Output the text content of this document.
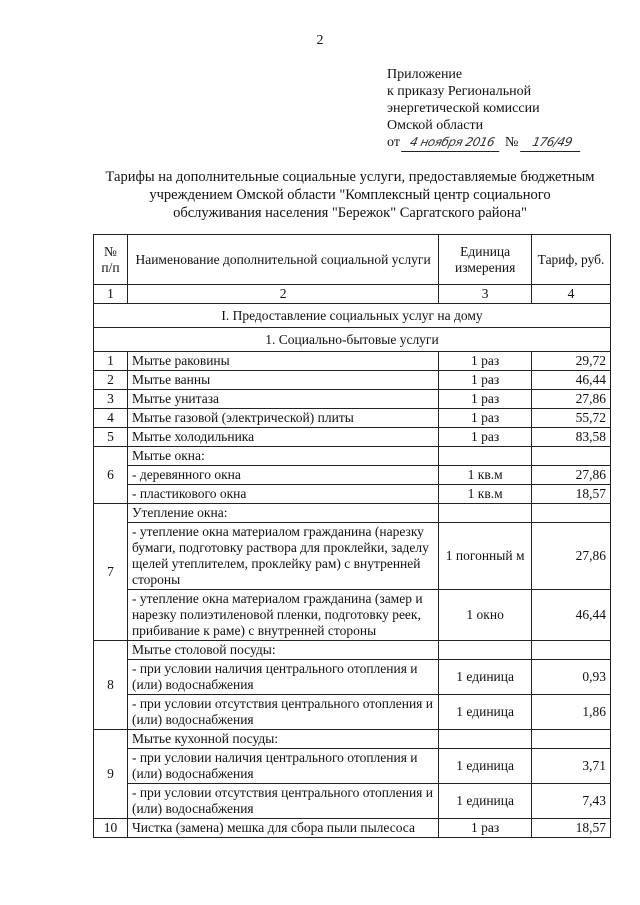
2
Приложение
к приказу Региональной
энергетической комиссии
Омской области
от 4 ноября 2016 № 176/49
Тарифы на дополнительные социальные услуги, предоставляемые бюджетным
учреждением Омской области "Комплексный центр социального
обслуживания населения "Бережок" Саргатского района"
№ п/п	Наименование дополнительной социальной услуги	Единица измерения	Тариф, руб.
1	2	3	4
I. Предоставление социальных услуг на дому			
1. Социально-бытовые услуги			
1	Мытье раковины	1 раз	29,72
2	Мытье ванны	1 раз	46,44
3	Мытье унитаза	1 раз	27,86
4	Мытье газовой (электрической) плиты	1 раз	55,72
5	Мытье холодильника	1 раз	83,58
6	Мытье окна:		
	- деревянного окна	1 кв.м	27,86
	- пластикового окна	1 кв.м	18,57
7	Утепление окна:		
	- утепление окна материалом гражданина (нарезку бумаги, подготовку раствора для проклейки, заделу щелей утеплителем, проклейку рам) с внутренней стороны	1 погонный м	27,86
	- утепление окна материалом гражданина (замер и нарезку полиэтиленовой пленки, подготовку реек, прибивание к раме) с внутренней стороны	1 окно	46,44
8	Мытье столовой посуды:		
	- при условии наличия центрального отопления и (или) водоснабжения	1 единица	0,93
	- при условии отсутствия центрального отопления и (или) водоснабжения	1 единица	1,86
9	Мытье кухонной посуды:		
	- при условии наличия центрального отопления и (или) водоснабжения	1 единица	3,71
	- при условии отсутствия центрального отопления и (или) водоснабжения	1 единица	7,43
10	Чистка (замена) мешка для сбора пыли пылесоса	1 раз	18,57
